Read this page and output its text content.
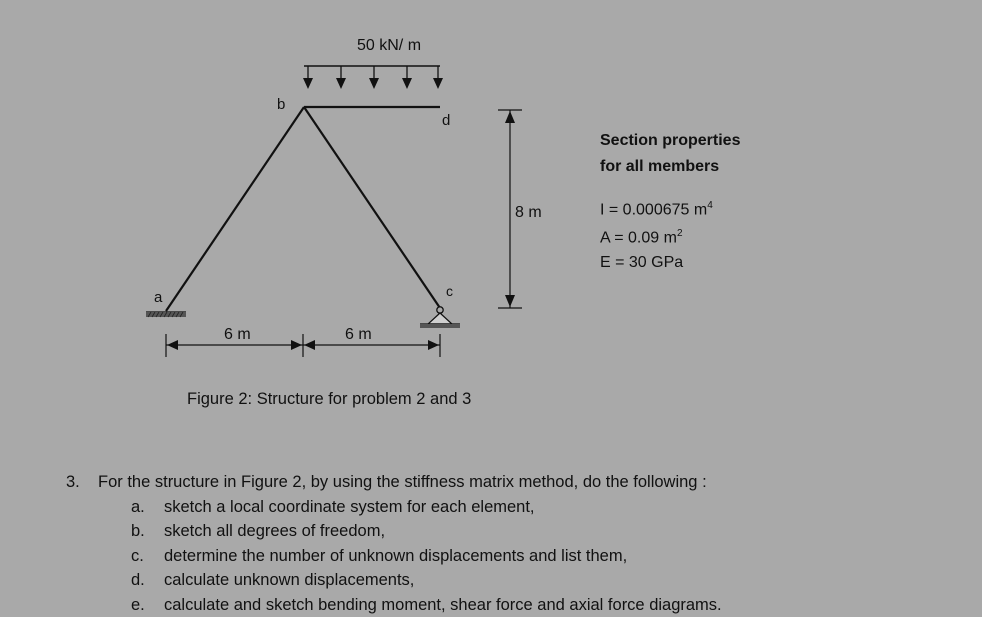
50 kN/ m
a
b
c
d
6 m	6 m
8 m
Section properties
for all members
I = 0.000675 $m^4$
A = 0.09 $m^2$
E = 30 GPa
Figure 2: Structure for problem 2 and 3
3.	For the structure in Figure 2, by using the stiffness matrix method, do the following :
a.	sketch a local coordinate system for each element,
b.	sketch all degrees of freedom,
c.	determine the number of unknown displacements and list them,
d.	calculate unknown displacements,
e.	calculate and sketch bending moment, shear force and axial force diagrams.
